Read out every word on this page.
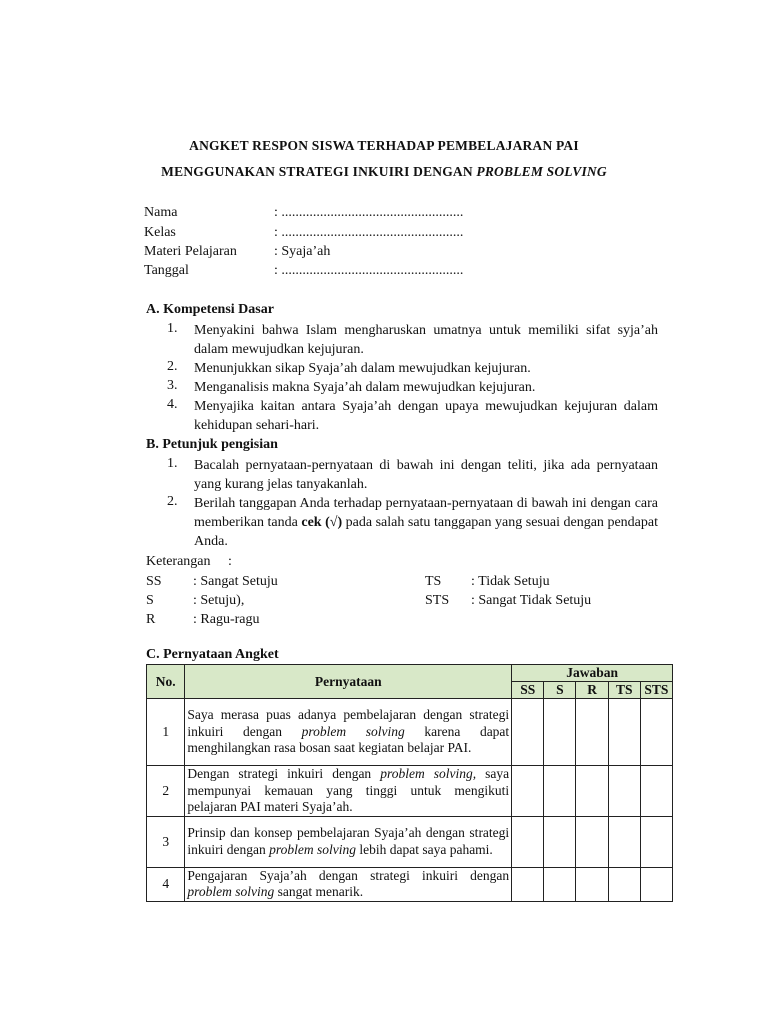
ANGKET RESPON SISWA TERHADAP PEMBELAJARAN PAI
MENGGUNAKAN STRATEGI INKUIRI DENGAN PROBLEM SOLVING
Nama	: ....................................................
Kelas	: ....................................................
Materi Pelajaran	: Syaja’ah
Tanggal	: ....................................................
A. Kompetensi Dasar
1. Menyakini bahwa Islam mengharuskan umatnya untuk memiliki sifat syja’ah dalam mewujudkan kejujuran.
2. Menunjukkan sikap Syaja’ah dalam mewujudkan kejujuran.
3. Menganalisis makna Syaja’ah dalam mewujudkan kejujuran.
4. Menyajika kaitan antara Syaja’ah dengan upaya mewujudkan kejujuran dalam kehidupan sehari-hari.
B. Petunjuk pengisian
1. Bacalah pernyataan-pernyataan di bawah ini dengan teliti, jika ada pernyataan yang kurang jelas tanyakanlah.
2. Berilah tanggapan Anda terhadap pernyataan-pernyataan di bawah ini dengan cara memberikan tanda cek (√) pada salah satu tanggapan yang sesuai dengan pendapat Anda.
Keterangan     :
SS : Sangat Setuju
S	: Setuju),
R	: Ragu-ragu
TS : Tidak Setuju
STS : Sangat Tidak Setuju
C. Pernyataan Angket
No.	Pernyataan	Jawaban				
		SS	S	R	TS	STS
1	Saya merasa puas adanya pembelajaran dengan strategi inkuiri dengan problem solving karena dapat menghilangkan rasa bosan saat kegiatan belajar PAI.					
2	Dengan strategi inkuiri dengan problem solving, saya mempunyai kemauan yang tinggi untuk mengikuti pelajaran PAI materi Syaja’ah.					
3	Prinsip dan konsep pembelajaran Syaja’ah dengan strategi inkuiri dengan problem solving lebih dapat saya pahami.					
4	Pengajaran Syaja’ah dengan strategi inkuiri dengan problem solving sangat menarik.					
